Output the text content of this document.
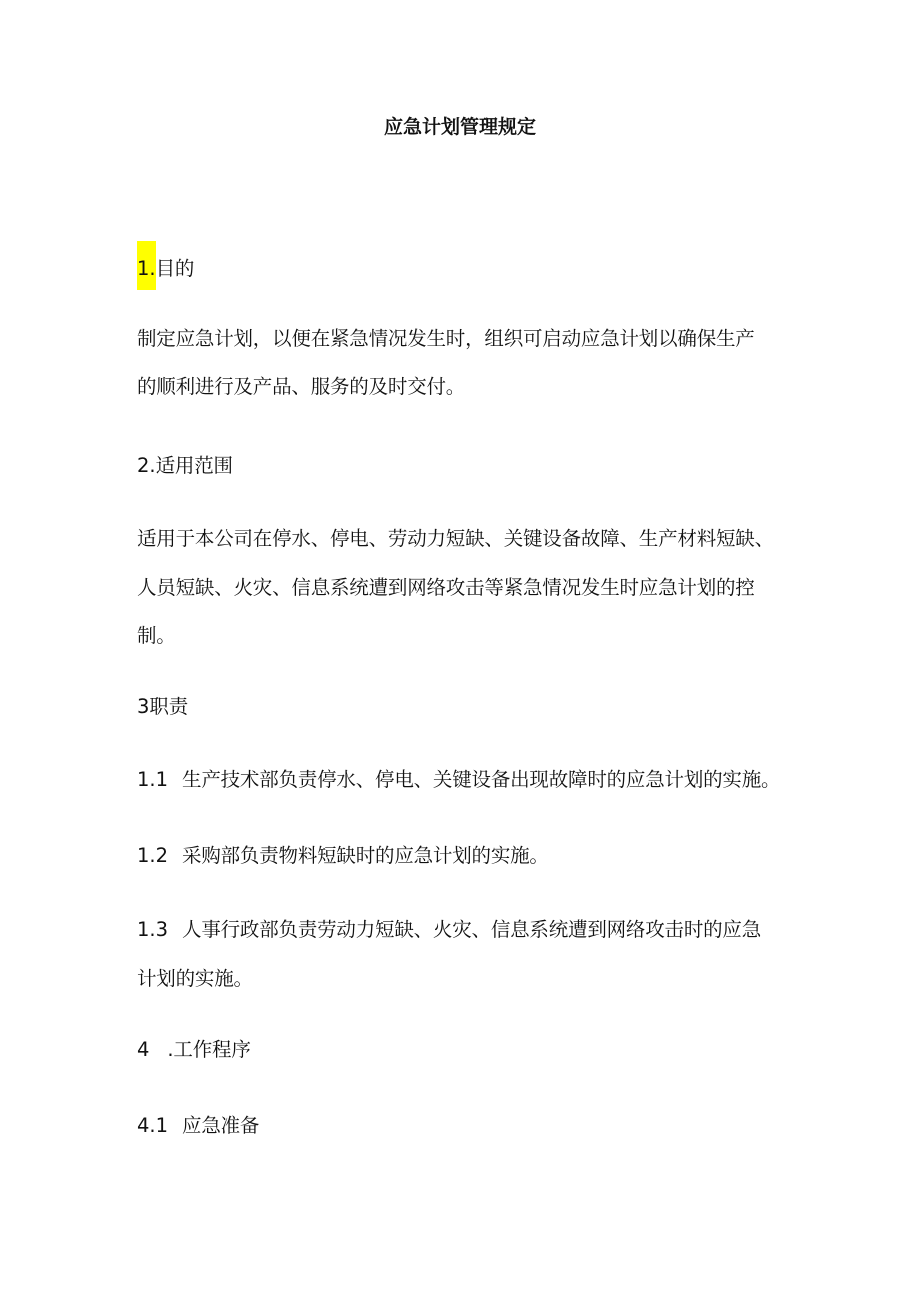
应急计划管理规定
1.目的
制定应急计划，以便在紧急情况发生时，组织可启动应急计划以确保生产
的顺利进行及产品、服务的及时交付。
2.适用范围
适用于本公司在停水、停电、劳动力短缺、关键设备故障、生产材料短缺、
人员短缺、火灾、信息系统遭到网络攻击等紧急情况发生时应急计划的控
制。
3职责
1.1 生产技术部负责停水、停电、关键设备出现故障时的应急计划的实施。
1.2 采购部负责物料短缺时的应急计划的实施。
1.3 人事行政部负责劳动力短缺、火灾、信息系统遭到网络攻击时的应急
计划的实施。
4 .工作程序
4.1 应急准备
